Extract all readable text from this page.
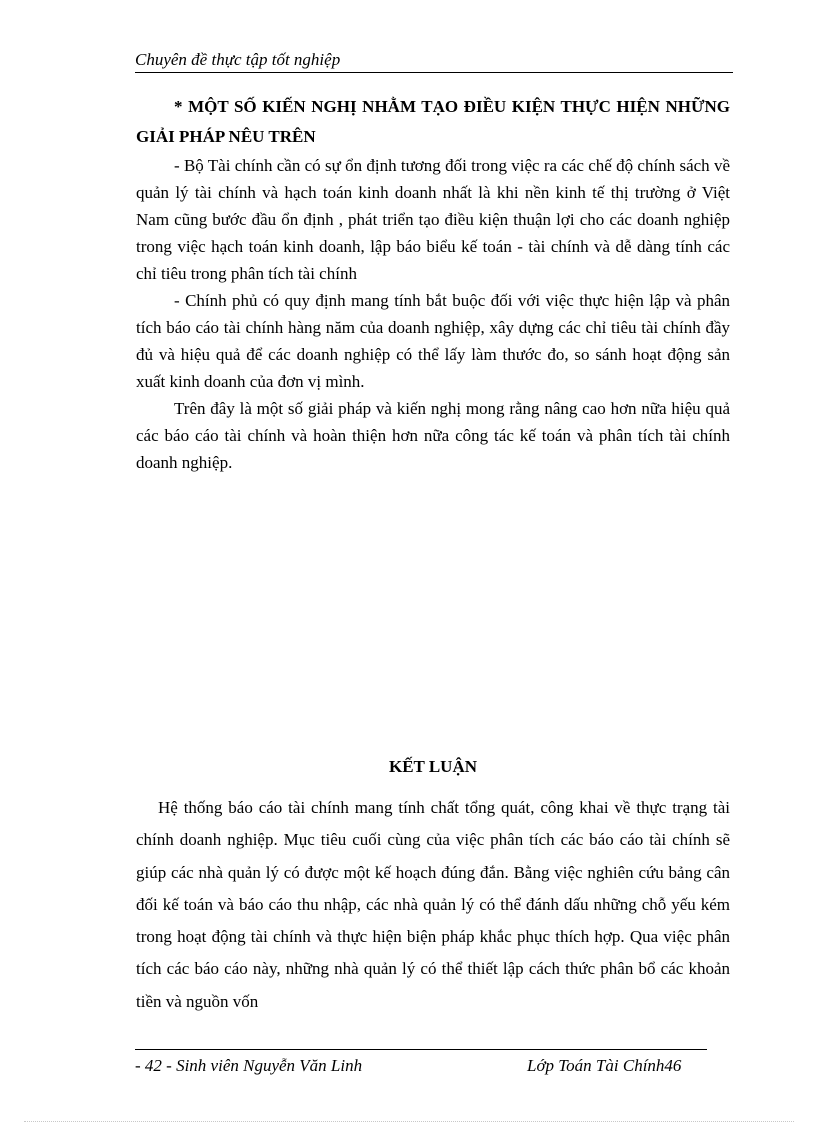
Chuyên đề thực tập tốt nghiệp

* MỘT SỐ KIẾN NGHỊ NHẰM TẠO ĐIỀU KIỆN THỰC HIỆN NHỮNG GIẢI PHÁP NÊU TRÊN

- Bộ Tài chính cần có sự ổn định tương đối trong việc ra các chế độ chính sách về quản lý tài chính và hạch toán kinh doanh nhất là khi nền kinh tế thị trường ở Việt Nam cũng bước đầu ổn định , phát triển tạo điều kiện thuận lợi cho các doanh nghiệp trong việc hạch toán kinh doanh, lập báo biểu kế toán - tài chính và dễ dàng tính các chỉ tiêu trong phân tích tài chính

- Chính phủ có quy định mang tính bắt buộc đối với việc thực hiện lập và phân tích báo cáo tài chính hàng năm của doanh nghiệp, xây dựng các chỉ tiêu tài chính đầy đủ và hiệu quả để các doanh nghiệp có thể lấy làm thước đo, so sánh hoạt động sản xuất kinh doanh của đơn vị mình.

Trên đây là một số giải pháp và kiến nghị mong rằng nâng cao hơn nữa hiệu quả các báo cáo tài chính và hoàn thiện hơn nữa công tác kế toán và phân tích tài chính doanh nghiệp.

KẾT LUẬN

Hệ thống báo cáo tài chính mang tính chất tổng quát, công khai về thực trạng tài chính doanh nghiệp. Mục tiêu cuối cùng của việc phân tích các báo cáo tài chính sẽ giúp các nhà quản lý có được một kế hoạch đúng đắn. Bằng việc nghiên cứu bảng cân đối kế toán và báo cáo thu nhập, các nhà quản lý có thể đánh dấu những chỗ yếu kém trong hoạt động tài chính và thực hiện biện pháp khắc phục thích hợp. Qua việc phân tích các báo cáo này, những nhà quản lý có thể thiết lập cách thức phân bổ các khoản tiền và nguồn vốn

- 42 - Sinh viên Nguyễn Văn Linh	Lớp Toán Tài Chính46
